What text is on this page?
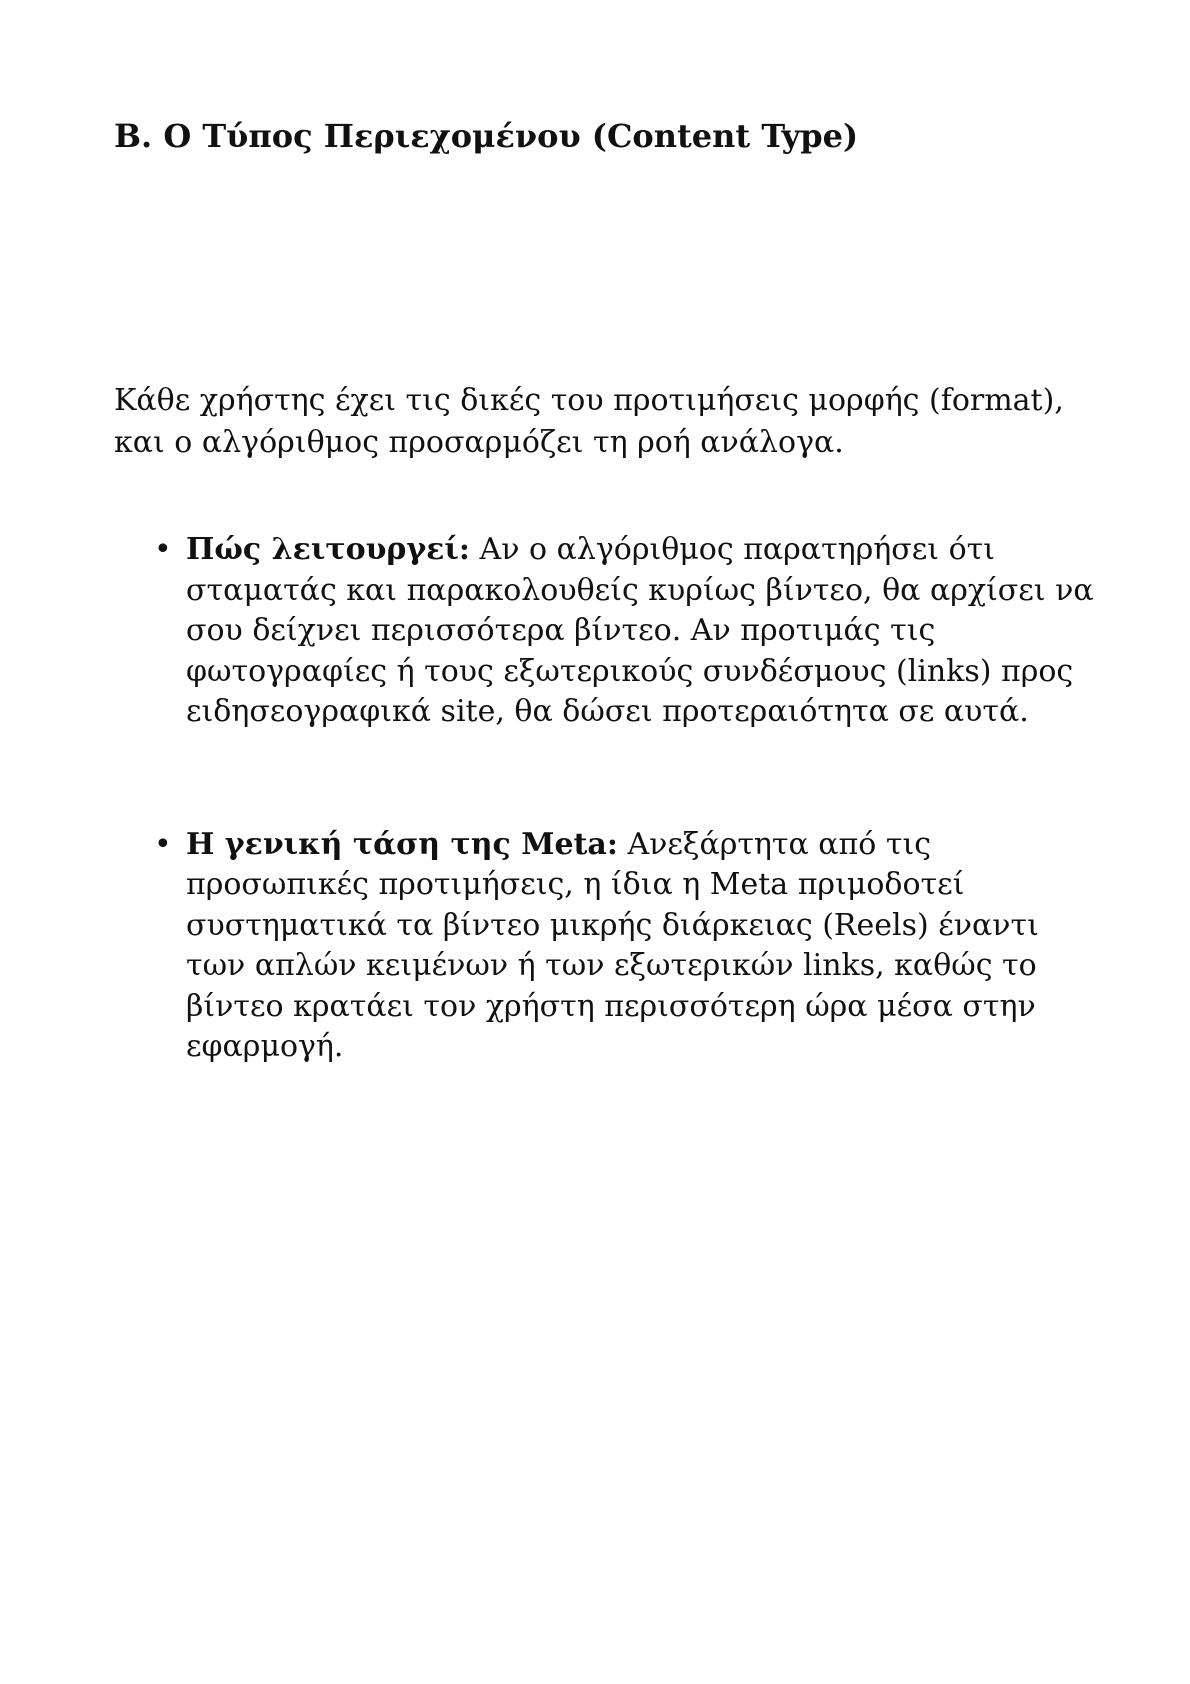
Β. Ο Τύπος Περιεχομένου (Content Type)

Κάθε χρήστης έχει τις δικές του προτιμήσεις μορφής (format), και ο αλγόριθμος προσαρμόζει τη ροή ανάλογα.

• Πώς λειτουργεί: Αν ο αλγόριθμος παρατηρήσει ότι σταματάς και παρακολουθείς κυρίως βίντεο, θα αρχίσει να σου δείχνει περισσότερα βίντεο. Αν προτιμάς τις φωτογραφίες ή τους εξωτερικούς συνδέσμους (links) προς ειδησεογραφικά site, θα δώσει προτεραιότητα σε αυτά.
• Η γενική τάση της Meta: Ανεξάρτητα από τις προσωπικές προτιμήσεις, η ίδια η Meta πριμοδοτεί συστηματικά τα βίντεο μικρής διάρκειας (Reels) έναντι των απλών κειμένων ή των εξωτερικών links, καθώς το βίντεο κρατάει τον χρήστη περισσότερη ώρα μέσα στην εφαρμογή.
